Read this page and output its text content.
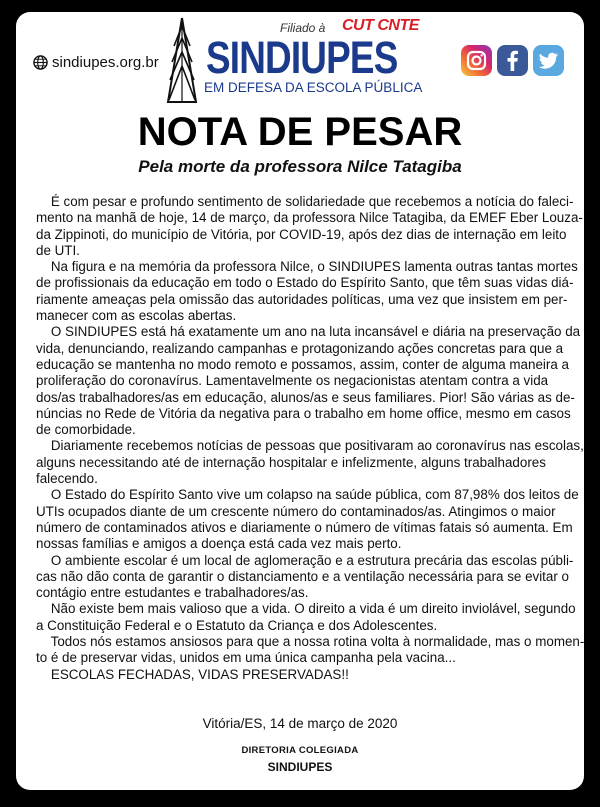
sindiupes.org.br
Filiado à CUT CNTE
SINDIUPES
EM DEFESA DA ESCOLA PÚBLICA
NOTA DE PESAR
Pela morte da professora Nilce Tatagiba
É com pesar e profundo sentimento de solidariedade que recebemos a notícia do faleci-
mento na manhã de hoje, 14 de março, da professora Nilce Tatagiba, da EMEF Eber Louza-
da Zippinoti, do município de Vitória, por COVID-19, após dez dias de internação em leito
de UTI.
Na figura e na memória da professora Nilce, o SINDIUPES lamenta outras tantas mortes
de profissionais da educação em todo o Estado do Espírito Santo, que têm suas vidas diá-
riamente ameaças pela omissão das autoridades políticas, uma vez que insistem em per-
manecer com as escolas abertas.
O SINDIUPES está há exatamente um ano na luta incansável e diária na preservação da
vida, denunciando, realizando campanhas e protagonizando ações concretas para que a
educação se mantenha no modo remoto e possamos, assim, conter de alguma maneira a
proliferação do coronavírus. Lamentavelmente os negacionistas atentam contra a vida
dos/as trabalhadores/as em educação, alunos/as e seus familiares. Pior! São várias as de-
núncias no Rede de Vitória da negativa para o trabalho em home office, mesmo em casos
de comorbidade.
Diariamente recebemos notícias de pessoas que positivaram ao coronavírus nas escolas,
alguns necessitando até de internação hospitalar e infelizmente, alguns trabalhadores
falecendo.
O Estado do Espírito Santo vive um colapso na saúde pública, com 87,98% dos leitos de
UTIs ocupados diante de um crescente número do contaminados/as. Atingimos o maior
número de contaminados ativos e diariamente o número de vítimas fatais só aumenta. Em
nossas famílias e amigos a doença está cada vez mais perto.
O ambiente escolar é um local de aglomeração e a estrutura precária das escolas públi-
cas não dão conta de garantir o distanciamento e a ventilação necessária para se evitar o
contágio entre estudantes e trabalhadores/as.
Não existe bem mais valioso que a vida. O direito a vida é um direito inviolável, segundo
a Constituição Federal e o Estatuto da Criança e dos Adolescentes.
Todos nós estamos ansiosos para que a nossa rotina volta à normalidade, mas o momen-
to é de preservar vidas, unidos em uma única campanha pela vacina...
ESCOLAS FECHADAS, VIDAS PRESERVADAS!!
Vitória/ES, 14 de março de 2020
DIRETORIA COLEGIADA
SINDIUPES
